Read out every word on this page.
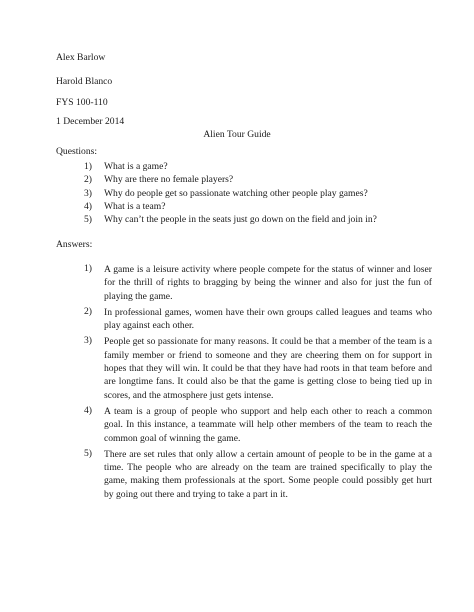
Alex Barlow
Harold Blanco
FYS 100-110
1 December 2014
Alien Tour Guide
Questions:
1)	What is a game?
2)	Why are there no female players?
3)	Why do people get so passionate watching other people play games?
4)	What is a team?
5)	Why can’t the people in the seats just go down on the field and join in?
Answers:
1)	A game is a leisure activity where people compete for the status of winner and loser for the thrill of rights to bragging by being the winner and also for just the fun of playing the game.
2)	In professional games, women have their own groups called leagues and teams who play against each other.
3)	People get so passionate for many reasons. It could be that a member of the team is a family member or friend to someone and they are cheering them on for support in hopes that they will win. It could be that they have had roots in that team before and are longtime fans. It could also be that the game is getting close to being tied up in scores, and the atmosphere just gets intense.
4)	A team is a group of people who support and help each other to reach a common goal. In this instance, a teammate will help other members of the team to reach the common goal of winning the game.
5)	There are set rules that only allow a certain amount of people to be in the game at a time. The people who are already on the team are trained specifically to play the game, making them professionals at the sport. Some people could possibly get hurt by going out there and trying to take a part in it.
